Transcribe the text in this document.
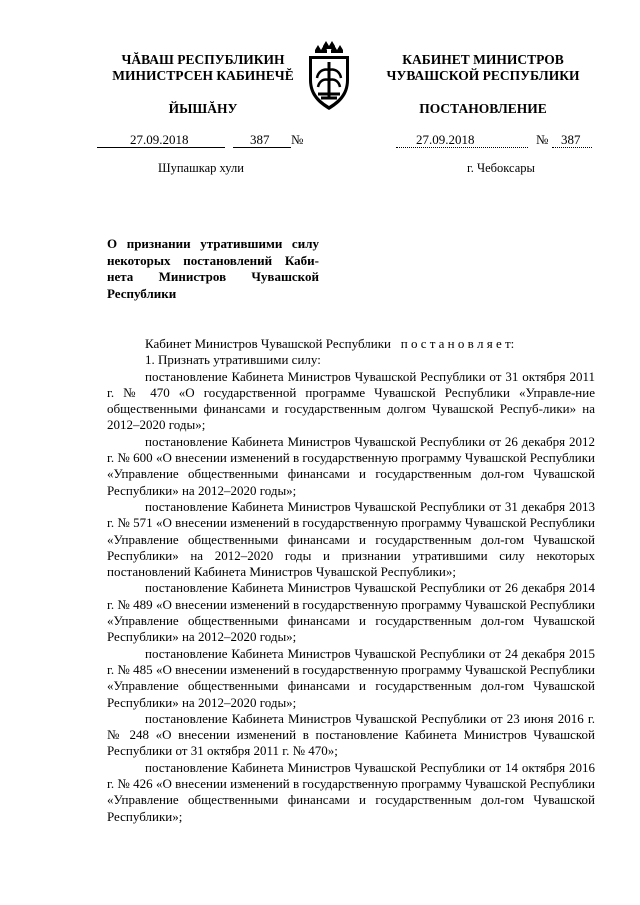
ЧĂВАШ РЕСПУБЛИКИН
МИНИСТРСЕН КАБИНЕЧĔ
ЙЫШĂНУ
КАБИНЕТ МИНИСТРОВ
ЧУВАШСКОЙ РЕСПУБЛИКИ
ПОСТАНОВЛЕНИЕ
27.09.2018	387 №	27.09.2018	№ 387
Шупашкар хули	г. Чебоксары
О признании утратившими силу
некоторых постановлений Каби-
нета Министров Чувашской
Республики

Кабинет Министров Чувашской Республики п о с т а н о в л я е т:

1. Признать утратившими силу:

постановление Кабинета Министров Чувашской Республики от 31 октября 2011 г. № 470 «О государственной программе Чувашской Республики «Управле-ние общественными финансами и государственным долгом Чувашской Респуб-лики» на 2012–2020 годы»;

постановление Кабинета Министров Чувашской Республики от 26 декабря 2012 г. № 600 «О внесении изменений в государственную программу Чувашской Республики «Управление общественными финансами и государственным дол-гом Чувашской Республики» на 2012–2020 годы»;

постановление Кабинета Министров Чувашской Республики от 31 декабря 2013 г. № 571 «О внесении изменений в государственную программу Чувашской Республики «Управление общественными финансами и государственным дол-гом Чувашской Республики» на 2012–2020 годы и признании утратившими силу некоторых постановлений Кабинета Министров Чувашской Республики»;

постановление Кабинета Министров Чувашской Республики от 26 декабря 2014 г. № 489 «О внесении изменений в государственную программу Чувашской Республики «Управление общественными финансами и государственным дол-гом Чувашской Республики» на 2012–2020 годы»;

постановление Кабинета Министров Чувашской Республики от 24 декабря 2015 г. № 485 «О внесении изменений в государственную программу Чувашской Республики «Управление общественными финансами и государственным дол-гом Чувашской Республики» на 2012–2020 годы»;

постановление Кабинета Министров Чувашской Республики от 23 июня 2016 г. № 248 «О внесении изменений в постановление Кабинета Министров Чувашской Республики от 31 октября 2011 г. № 470»;

постановление Кабинета Министров Чувашской Республики от 14 октября 2016 г. № 426 «О внесении изменений в государственную программу Чувашской Республики «Управление общественными финансами и государственным дол-гом Чувашской Республики»;
